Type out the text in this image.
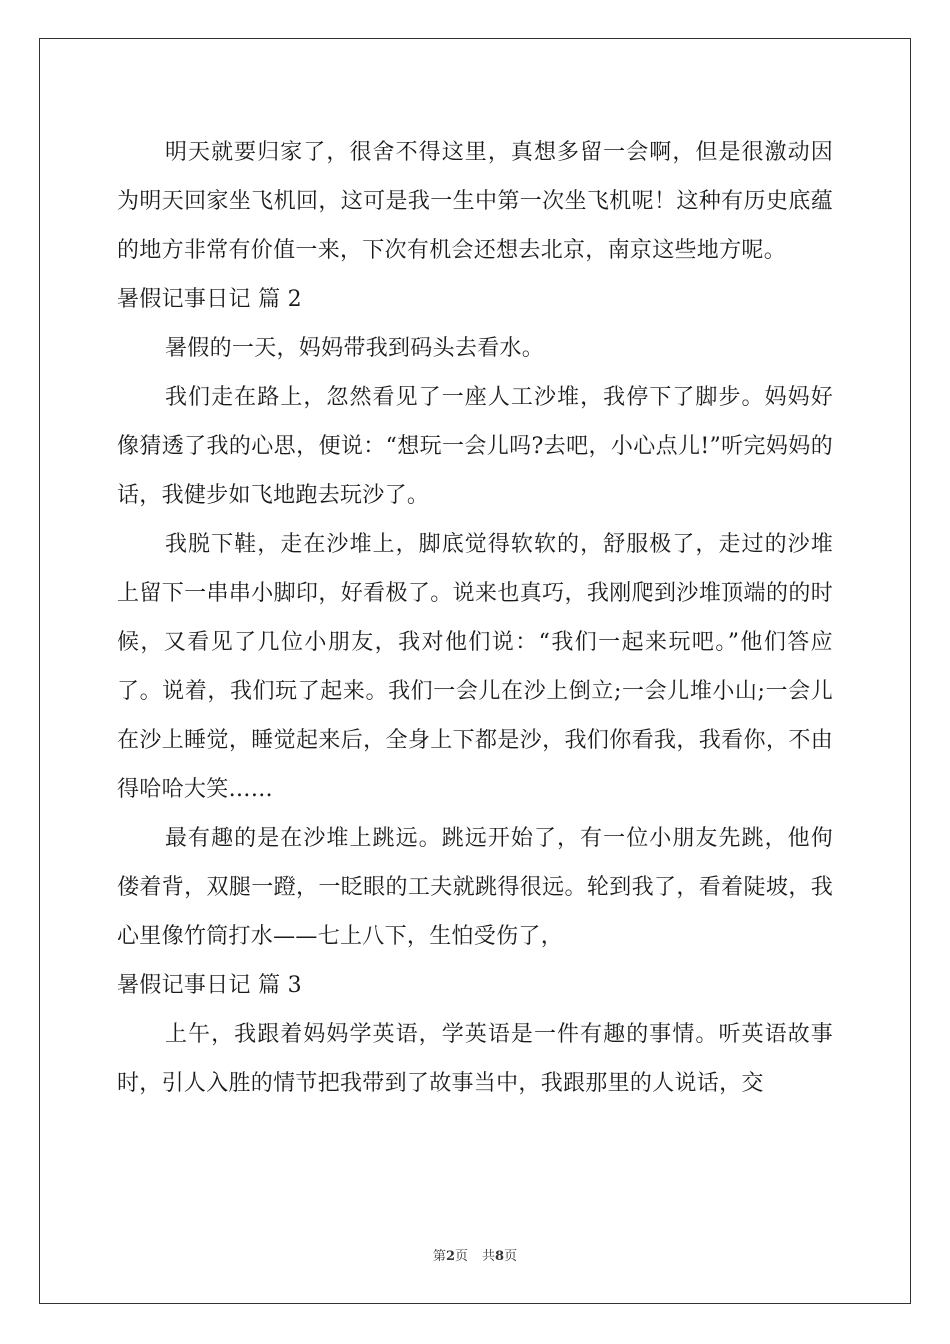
明天就要归家了，很舍不得这里，真想多留一会啊，但是很激动因为明天回家坐飞机回，这可是我一生中第一次坐飞机呢！这种有历史底蕴的地方非常有价值一来，下次有机会还想去北京，南京这些地方呢。

暑假记事日记 篇 2

暑假的一天，妈妈带我到码头去看水。

我们走在路上，忽然看见了一座人工沙堆，我停下了脚步。妈妈好像猜透了我的心思，便说：“想玩一会儿吗?去吧，小心点儿!”听完妈妈的话，我健步如飞地跑去玩沙了。

我脱下鞋，走在沙堆上，脚底觉得软软的，舒服极了，走过的沙堆上留下一串串小脚印，好看极了。说来也真巧，我刚爬到沙堆顶端的的时候，又看见了几位小朋友，我对他们说：“我们一起来玩吧。”他们答应了。说着，我们玩了起来。我们一会儿在沙上倒立;一会儿堆小山;一会儿在沙上睡觉，睡觉起来后，全身上下都是沙，我们你看我，我看你，不由得哈哈大笑……

最有趣的是在沙堆上跳远。跳远开始了，有一位小朋友先跳，他佝偻着背，双腿一蹬，一眨眼的工夫就跳得很远。轮到我了，看着陡坡，我心里像竹筒打水——七上八下，生怕受伤了，

暑假记事日记 篇 3

上午，我跟着妈妈学英语，学英语是一件有趣的事情。听英语故事时，引人入胜的情节把我带到了故事当中，我跟那里的人说话，交

第2页 共8页
